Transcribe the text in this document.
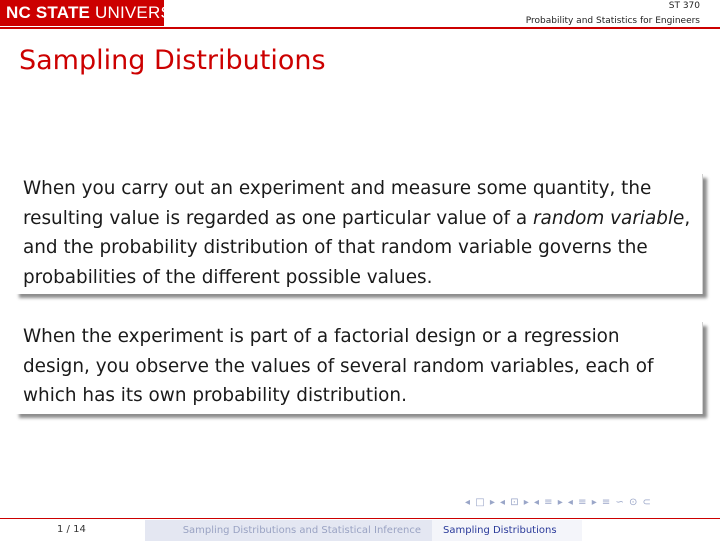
NC STATE UNIVERSITY	ST 370
Probability and Statistics for Engineers
Sampling Distributions
When you carry out an experiment and measure some quantity, the resulting value is regarded as one particular value of a random variable, and the probability distribution of that random variable governs the probabilities of the different possible values.
When the experiment is part of a factorial design or a regression design, you observe the values of several random variables, each of which has its own probability distribution.
◂ □ ▸ ◂ ⊡ ▸ ◂ ≡ ▸ ◂ ≡ ▸ ≡ ∽ ⊙ ⊂
1 / 14	Sampling Distributions and Statistical Inference	Sampling Distributions
